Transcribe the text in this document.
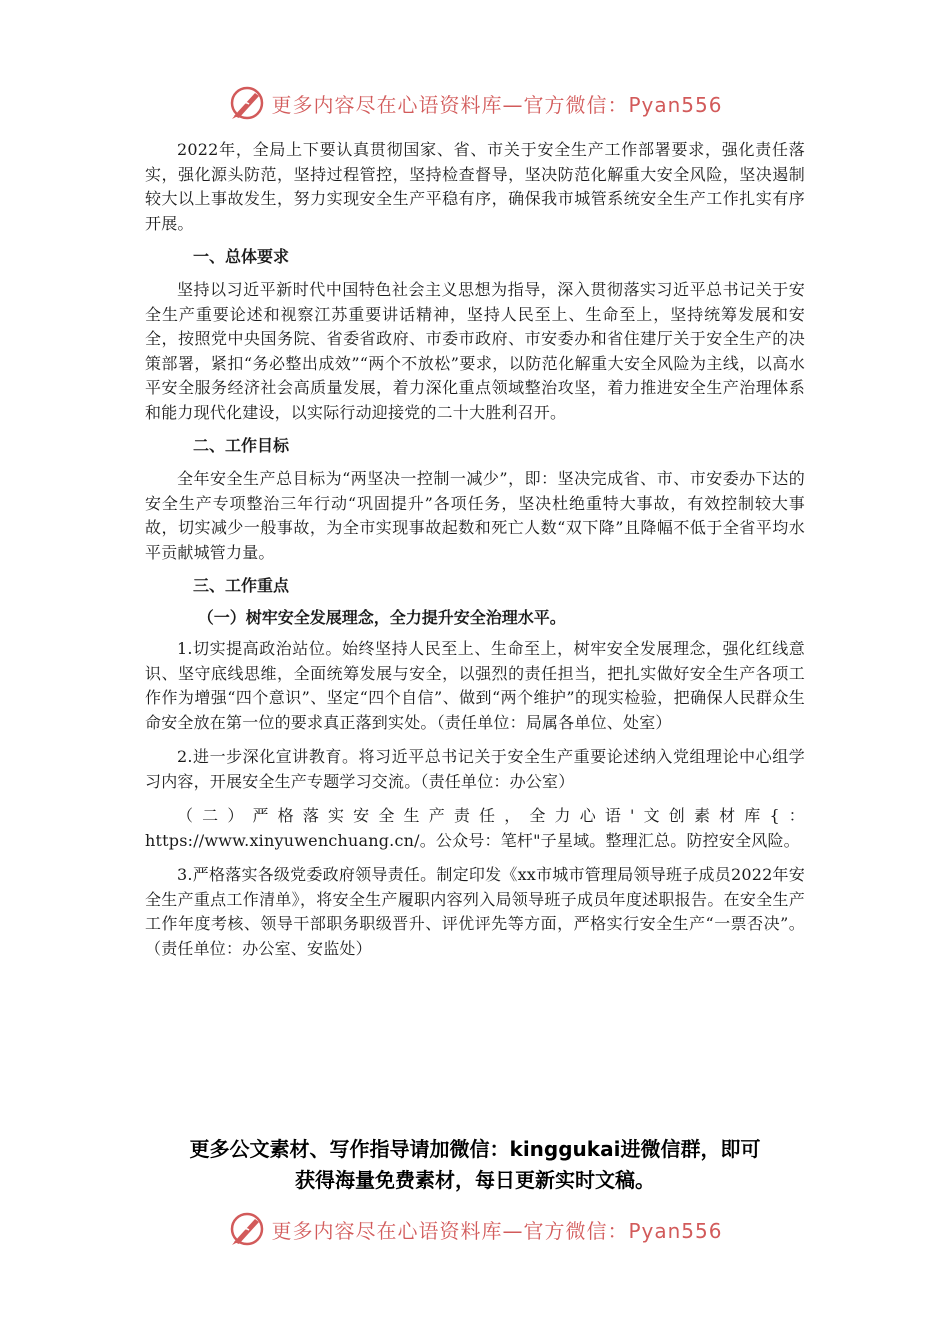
更多内容尽在心语资料库—官方微信：Pyan556

2022年，全局上下要认真贯彻国家、省、市关于安全生产工作部署要求，强化责任落实，强化源头防范，坚持过程管控，坚持检查督导，坚决防范化解重大安全风险，坚决遏制较大以上事故发生，努力实现安全生产平稳有序，确保我市城管系统安全生产工作扎实有序开展。

一、总体要求

坚持以习近平新时代中国特色社会主义思想为指导，深入贯彻落实习近平总书记关于安全生产重要论述和视察江苏重要讲话精神，坚持人民至上、生命至上，坚持统筹发展和安全，按照党中央国务院、省委省政府、市委市政府、市安委办和省住建厅关于安全生产的决策部署，紧扣“务必整出成效”“两个不放松”要求，以防范化解重大安全风险为主线，以高水平安全服务经济社会高质量发展，着力深化重点领域整治攻坚，着力推进安全生产治理体系和能力现代化建设，以实际行动迎接党的二十大胜利召开。

二、工作目标

全年安全生产总目标为“两坚决一控制一减少”，即：坚决完成省、市、市安委办下达的安全生产专项整治三年行动“巩固提升”各项任务，坚决杜绝重特大事故，有效控制较大事故，切实减少一般事故，为全市实现事故起数和死亡人数“双下降”且降幅不低于全省平均水平贡献城管力量。

三、工作重点
（一）树牢安全发展理念，全力提升安全治理水平。

1.切实提高政治站位。始终坚持人民至上、生命至上，树牢安全发展理念，强化红线意识、坚守底线思维，全面统筹发展与安全，以强烈的责任担当，把扎实做好安全生产各项工作作为增强“四个意识”、坚定“四个自信”、做到“两个维护”的现实检验，把确保人民群众生命安全放在第一位的要求真正落到实处。（责任单位：局属各单位、处室）

2.进一步深化宣讲教育。将习近平总书记关于安全生产重要论述纳入党组理论中心组学习内容，开展安全生产专题学习交流。（责任单位：办公室）

（二）严格落实安全生产责任，全力心语'文创素材库{：https://www.xinyuwenchuang.cn/。公众号：笔杆"子星域。整理汇总。防控安全风险。

3.严格落实各级党委政府领导责任。制定印发《xx市城市管理局领导班子成员2022年安全生产重点工作清单》，将安全生产履职内容列入局领导班子成员年度述职报告。在安全生产工作年度考核、领导干部职务职级晋升、评优评先等方面，严格实行安全生产“一票否决”。（责任单位：办公室、安监处）

更多公文素材、写作指导请加微信：kinggukai进微信群，即可
获得海量免费素材，每日更新实时文稿。
更多内容尽在心语资料库—官方微信：Pyan556
